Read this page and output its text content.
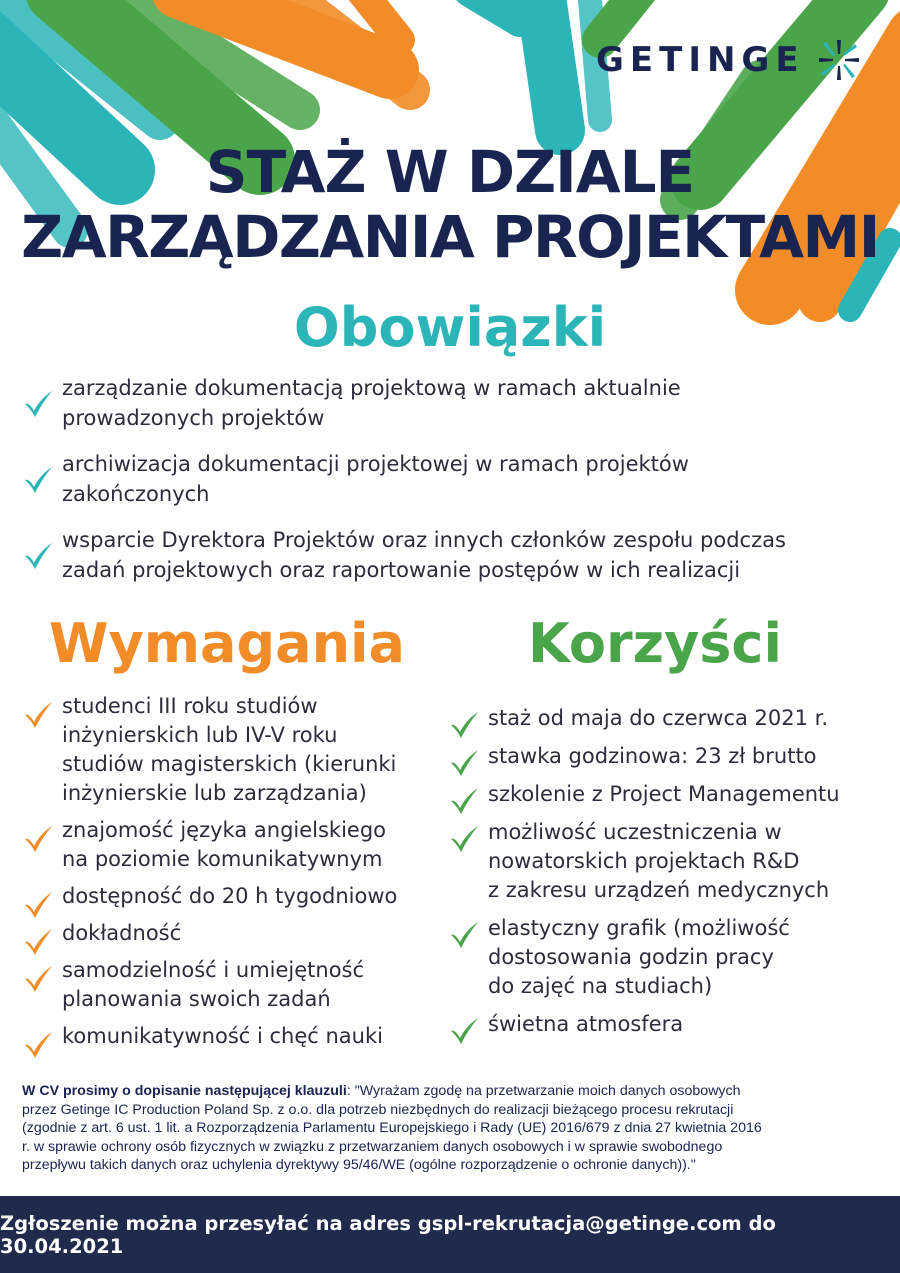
GETINGE
STAŻ W DZIALE
ZARZĄDZANIA PROJEKTAMI
Obowiązki
zarządzanie dokumentacją projektową w ramach aktualnie
prowadzonych projektów
archiwizacja dokumentacji projektowej w ramach projektów
zakończonych
wsparcie Dyrektora Projektów oraz innych członków zespołu podczas
zadań projektowych oraz raportowanie postępów w ich realizacji
Wymagania	Korzyści
studenci III roku studiów
inżynierskich lub IV-V roku
studiów magisterskich (kierunki
inżynierskie lub zarządzania)
znajomość języka angielskiego
na poziomie komunikatywnym
dostępność do 20 h tygodniowo
dokładność
samodzielność i umiejętność
planowania swoich zadań
komunikatywność i chęć nauki
staż od maja do czerwca 2021 r.
stawka godzinowa: 23 zł brutto
szkolenie z Project Managementu
możliwość uczestniczenia w
nowatorskich projektach R&D
z zakresu urządzeń medycznych
elastyczny grafik (możliwość
dostosowania godzin pracy
do zajęć na studiach)
świetna atmosfera
W CV prosimy o dopisanie następującej klauzuli: "Wyrażam zgodę na przetwarzanie moich danych osobowych
przez Getinge IC Production Poland Sp. z o.o. dla potrzeb niezbędnych do realizacji bieżącego procesu rekrutacji
(zgodnie z art. 6 ust. 1 lit. a Rozporządzenia Parlamentu Europejskiego i Rady (UE) 2016/679 z dnia 27 kwietnia 2016
r. w sprawie ochrony osób fizycznych w związku z przetwarzaniem danych osobowych i w sprawie swobodnego
przepływu takich danych oraz uchylenia dyrektywy 95/46/WE (ogólne rozporządzenie o ochronie danych))."
Zgłoszenie można przesyłać na adres gspl-rekrutacja@getinge.com do 30.04.2021
